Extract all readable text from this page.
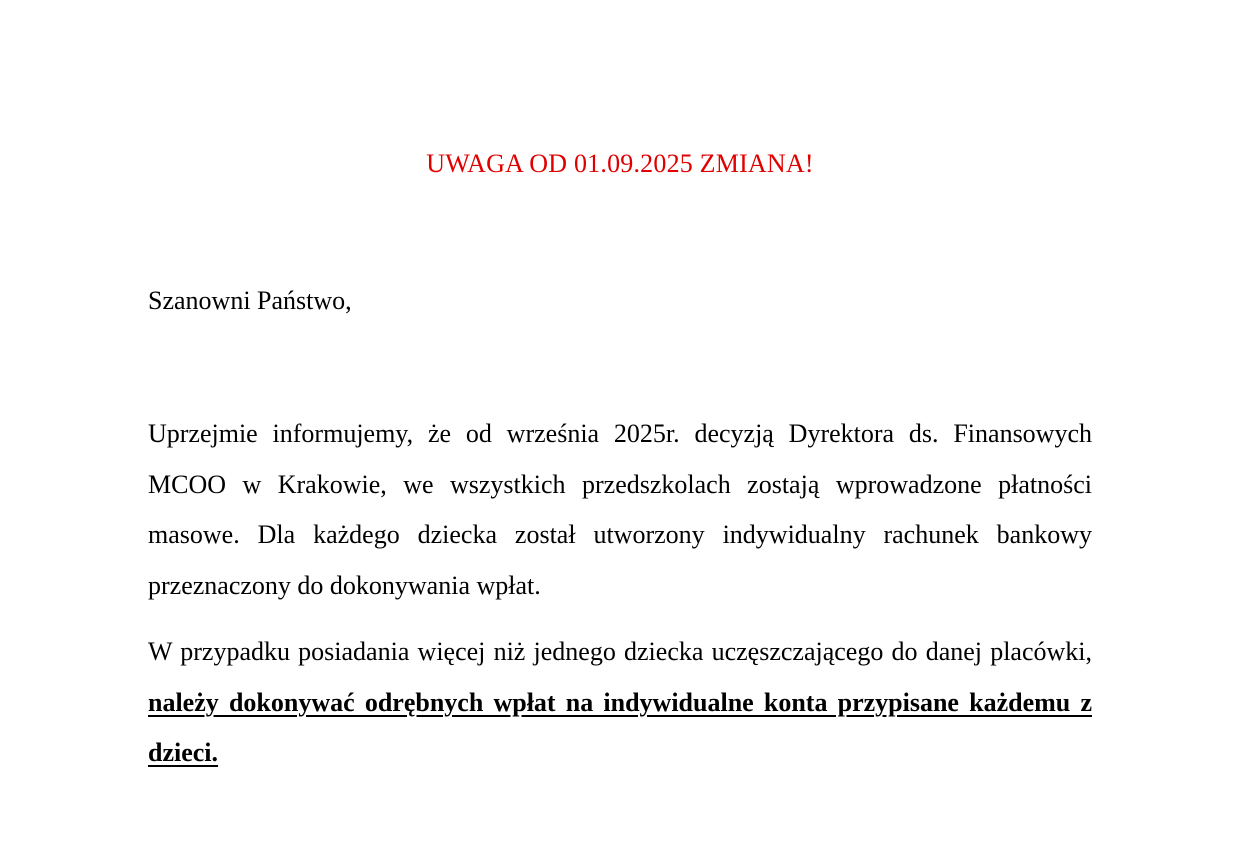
UWAGA OD 01.09.2025 ZMIANA!
Szanowni Państwo,

Uprzejmie informujemy, że od września 2025r. decyzją Dyrektora ds. Finansowych MCOO w Krakowie, we wszystkich przedszkolach zostają wprowadzone płatności masowe. Dla każdego dziecka został utworzony indywidualny rachunek bankowy przeznaczony do dokonywania wpłat.

W przypadku posiadania więcej niż jednego dziecka uczęszczającego do danej placówki, należy dokonywać odrębnych wpłat na indywidualne konta przypisane każdemu z dzieci.
